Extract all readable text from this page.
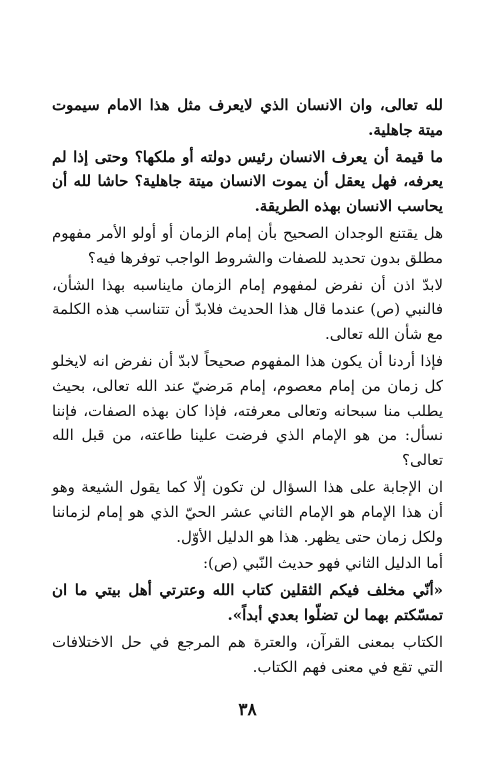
لله تعالى، وان الانسان الذي لايعرف مثل هذا الامام سيموت ميتة جاهلية.

ما قيمة أن يعرف الانسان رئيس دولته أو ملكها؟ وحتى إذا لم يعرفه، فهل يعقل أن يموت الانسان ميتة جاهلية؟ حاشا لله أن يحاسب الانسان بهذه الطريقة.

هل يقتنع الوجدان الصحيح بأن إمام الزمان أو أولو الأمر مفهوم مطلق بدون تحديد للصفات والشروط الواجب توفرها فيه؟

لابدّ اذن أن نفرض لمفهوم إمام الزمان مايناسبه بهذا الشأن، فالنبي (ص) عندما قال هذا الحديث فلابدّ أن تتناسب هذه الكلمة مع شأن الله تعالى.

فإذا أردنا أن يكون هذا المفهوم صحيحاً لابدّ أن نفرض انه لايخلو كل زمان من إمام معصوم، إمام مَرضيّ عند الله تعالى، بحيث يطلب منا سبحانه وتعالى معرفته، فإذا كان بهذه الصفات، فإننا نسأل: من هو الإمام الذي فرضت علينا طاعته، من قبل الله تعالى؟

ان الإجابة على هذا السؤال لن تكون إلّا كما يقول الشيعة وهو أن هذا الإمام هو الإمام الثاني عشر الحيّ الذي هو إمام لزماننا ولكل زمان حتى يظهر. هذا هو الدليل الأوّل.

أما الدليل الثاني فهو حديث النّبي (ص):

«أنّي مخلف فيكم الثقلين كتاب الله وعترتي أهل بيتي ما ان تمسّكتم بهما لن تضلّوا بعدي أبداً».

الكتاب بمعنى القرآن، والعترة هم المرجع في حل الاختلافات التي تقع في معنى فهم الكتاب.

٣٨
